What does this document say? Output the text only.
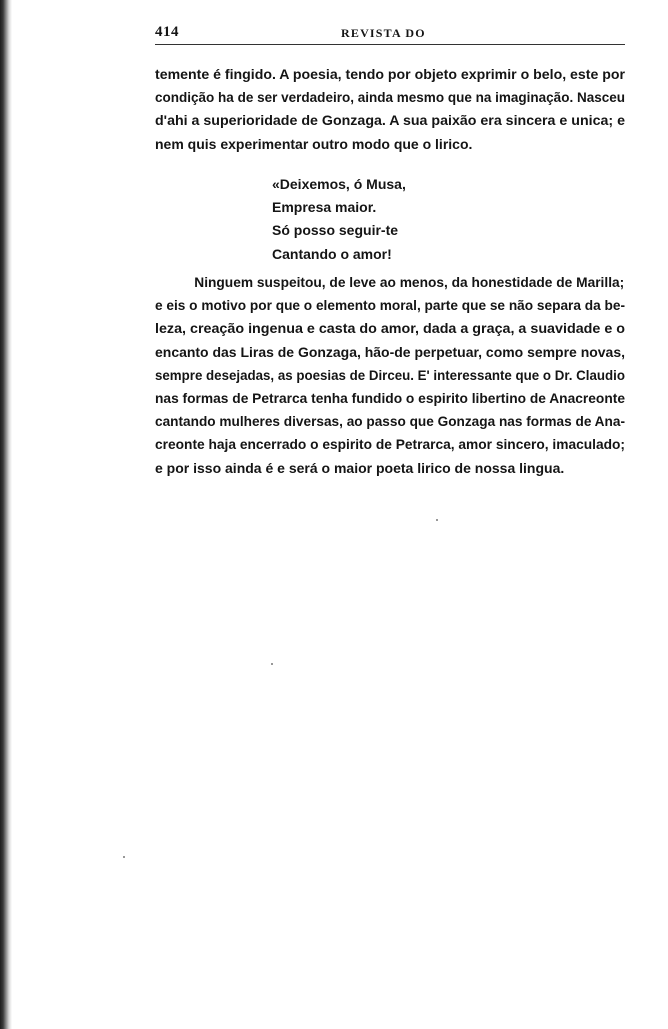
414	REVISTA DO
temente é fingido. A poesia, tendo por objeto exprimir o belo, este por
condição ha de ser verdadeiro, ainda mesmo que na imaginação. Nasceu
d'ahi a superioridade de Gonzaga. A sua paixão era sincera e unica; e
nem quis experimentar outro modo que o lirico.
«Deixemos, ó Musa,
Empresa maior.
Só posso seguir-te
Cantando o amor!
Ninguem suspeitou, de leve ao menos, da honestidade de Marilla;
e eis o motivo por que o elemento moral, parte que se não separa da be-
leza, creação ingenua e casta do amor, dada a graça, a suavidade e o
encanto das Liras de Gonzaga, hão-de perpetuar, como sempre novas,
sempre desejadas, as poesias de Dirceu. E' interessante que o Dr. Claudio
nas formas de Petrarca tenha fundido o espirito libertino de Anacreonte
cantando mulheres diversas, ao passo que Gonzaga nas formas de Ana-
creonte haja encerrado o espirito de Petrarca, amor sincero, imaculado;
e por isso ainda é e será o maior poeta lirico de nossa lingua.
